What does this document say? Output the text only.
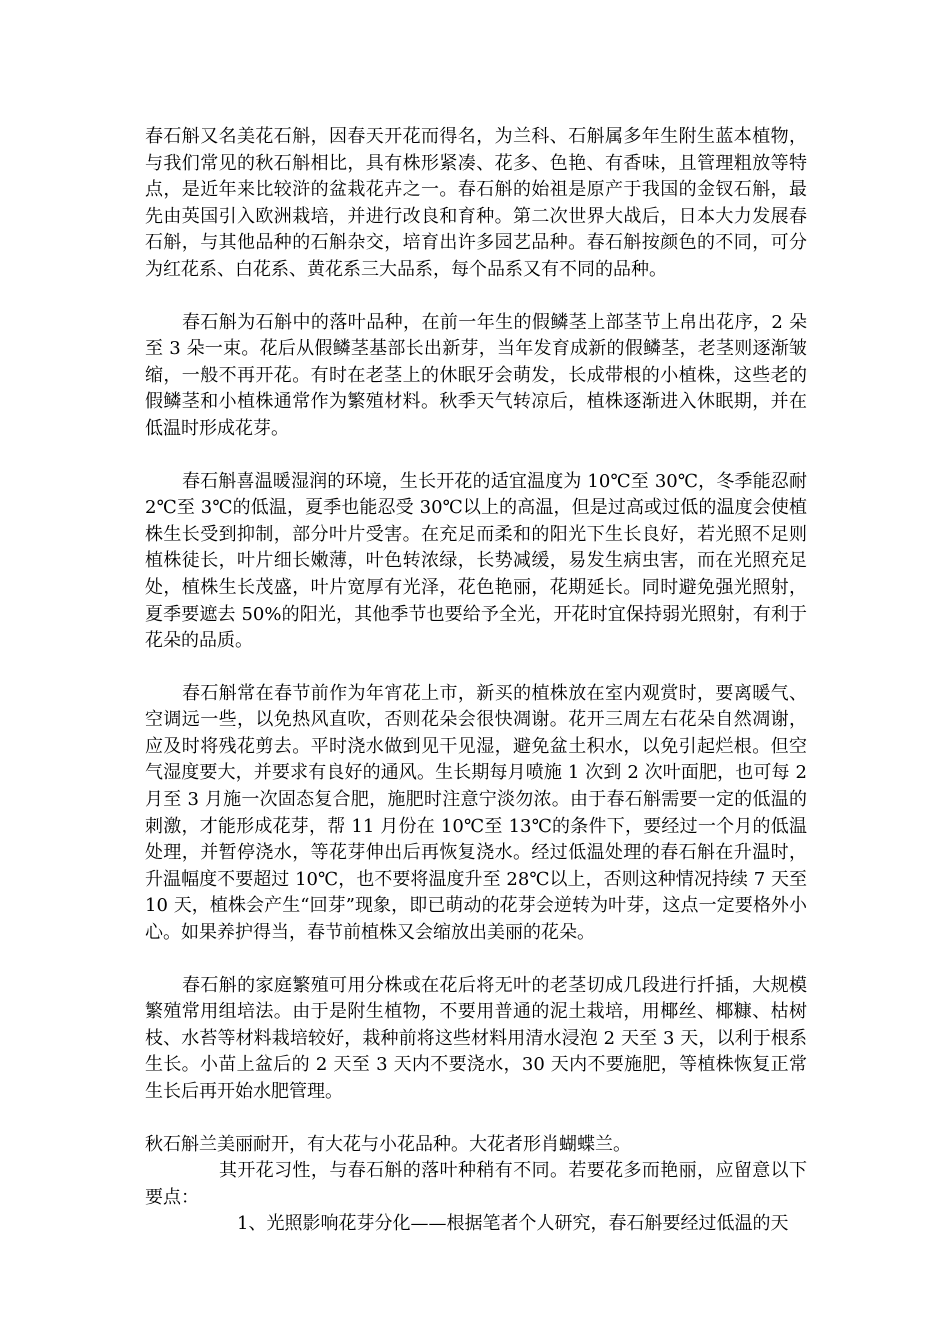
春石斛又名美花石斛，因春天开花而得名，为兰科、石斛属多年生附生蓝本植物，与我们常见的秋石斛相比，具有株形紧凑、花多、色艳、有香味，且管理粗放等特点，是近年来比较浒的盆栽花卉之一。春石斛的始祖是原产于我国的金钗石斛，最先由英国引入欧洲栽培，并进行改良和育种。第二次世界大战后，日本大力发展春石斛，与其他品种的石斛杂交，培育出许多园艺品种。春石斛按颜色的不同，可分为红花系、白花系、黄花系三大品系，每个品系又有不同的品种。

春石斛为石斛中的落叶品种，在前一年生的假鳞茎上部茎节上帛出花序，2 朵至 3 朵一束。花后从假鳞茎基部长出新芽，当年发育成新的假鳞茎，老茎则逐渐皱缩，一般不再开花。有时在老茎上的休眠牙会萌发，长成带根的小植株，这些老的假鳞茎和小植株通常作为繁殖材料。秋季天气转凉后，植株逐渐进入休眠期，并在低温时形成花芽。

春石斛喜温暖湿润的环境，生长开花的适宜温度为 10℃至 30℃，冬季能忍耐 2℃至 3℃的低温，夏季也能忍受 30℃以上的高温，但是过高或过低的温度会使植株生长受到抑制，部分叶片受害。在充足而柔和的阳光下生长良好，若光照不足则植株徒长，叶片细长嫩薄，叶色转浓绿，长势减缓，易发生病虫害，而在光照充足处，植株生长茂盛，叶片宽厚有光泽，花色艳丽，花期延长。同时避免强光照射，夏季要遮去 50%的阳光，其他季节也要给予全光，开花时宜保持弱光照射，有利于花朵的品质。

春石斛常在春节前作为年宵花上市，新买的植株放在室内观赏时，要离暖气、空调远一些，以免热风直吹，否则花朵会很快凋谢。花开三周左右花朵自然凋谢，应及时将残花剪去。平时浇水做到见干见湿，避免盆土积水，以免引起烂根。但空气湿度要大，并要求有良好的通风。生长期每月喷施 1 次到 2 次叶面肥，也可每 2 月至 3 月施一次固态复合肥，施肥时注意宁淡勿浓。由于春石斛需要一定的低温的刺激，才能形成花芽，帮 11 月份在 10℃至 13℃的条件下，要经过一个月的低温处理，并暂停浇水，等花芽伸出后再恢复浇水。经过低温处理的春石斛在升温时，升温幅度不要超过 10℃，也不要将温度升至 28℃以上，否则这种情况持续 7 天至 10 天，植株会产生“回芽”现象，即已萌动的花芽会逆转为叶芽，这点一定要格外小心。如果养护得当，春节前植株又会缩放出美丽的花朵。

春石斛的家庭繁殖可用分株或在花后将无叶的老茎切成几段进行扦插，大规模繁殖常用组培法。由于是附生植物，不要用普通的泥土栽培，用椰丝、椰糠、枯树枝、水苔等材料栽培较好，栽种前将这些材料用清水浸泡 2 天至 3 天，以利于根系生长。小苗上盆后的 2 天至 3 天内不要浇水，30 天内不要施肥，等植株恢复正常生长后再开始水肥管理。

秋石斛兰美丽耐开，有大花与小花品种。大花者形肖蝴蝶兰。

其开花习性，与春石斛的落叶种稍有不同。若要花多而艳丽，应留意以下要点：

1、光照影响花芽分化——根据笔者个人研究，春石斛要经过低温的天
